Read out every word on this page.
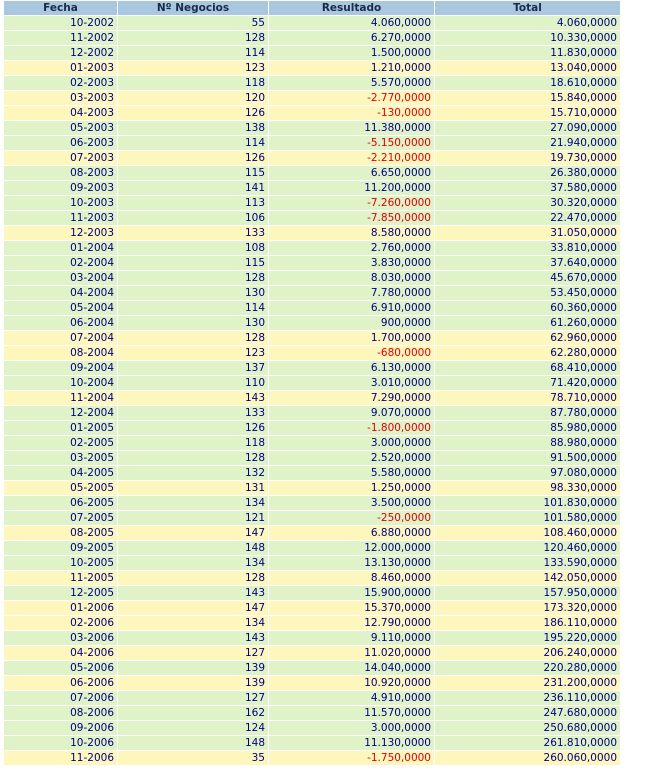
Fecha	Nº Negocios	Resultado	Total
10-2002	55	4.060,0000	4.060,0000
11-2002	128	6.270,0000	10.330,0000
12-2002	114	1.500,0000	11.830,0000
01-2003	123	1.210,0000	13.040,0000
02-2003	118	5.570,0000	18.610,0000
03-2003	120	-2.770,0000	15.840,0000
04-2003	126	-130,0000	15.710,0000
05-2003	138	11.380,0000	27.090,0000
06-2003	114	-5.150,0000	21.940,0000
07-2003	126	-2.210,0000	19.730,0000
08-2003	115	6.650,0000	26.380,0000
09-2003	141	11.200,0000	37.580,0000
10-2003	113	-7.260,0000	30.320,0000
11-2003	106	-7.850,0000	22.470,0000
12-2003	133	8.580,0000	31.050,0000
01-2004	108	2.760,0000	33.810,0000
02-2004	115	3.830,0000	37.640,0000
03-2004	128	8.030,0000	45.670,0000
04-2004	130	7.780,0000	53.450,0000
05-2004	114	6.910,0000	60.360,0000
06-2004	130	900,0000	61.260,0000
07-2004	128	1.700,0000	62.960,0000
08-2004	123	-680,0000	62.280,0000
09-2004	137	6.130,0000	68.410,0000
10-2004	110	3.010,0000	71.420,0000
11-2004	143	7.290,0000	78.710,0000
12-2004	133	9.070,0000	87.780,0000
01-2005	126	-1.800,0000	85.980,0000
02-2005	118	3.000,0000	88.980,0000
03-2005	128	2.520,0000	91.500,0000
04-2005	132	5.580,0000	97.080,0000
05-2005	131	1.250,0000	98.330,0000
06-2005	134	3.500,0000	101.830,0000
07-2005	121	-250,0000	101.580,0000
08-2005	147	6.880,0000	108.460,0000
09-2005	148	12.000,0000	120.460,0000
10-2005	134	13.130,0000	133.590,0000
11-2005	128	8.460,0000	142.050,0000
12-2005	143	15.900,0000	157.950,0000
01-2006	147	15.370,0000	173.320,0000
02-2006	134	12.790,0000	186.110,0000
03-2006	143	9.110,0000	195.220,0000
04-2006	127	11.020,0000	206.240,0000
05-2006	139	14.040,0000	220.280,0000
06-2006	139	10.920,0000	231.200,0000
07-2006	127	4.910,0000	236.110,0000
08-2006	162	11.570,0000	247.680,0000
09-2006	124	3.000,0000	250.680,0000
10-2006	148	11.130,0000	261.810,0000
11-2006	35	-1.750,0000	260.060,0000
